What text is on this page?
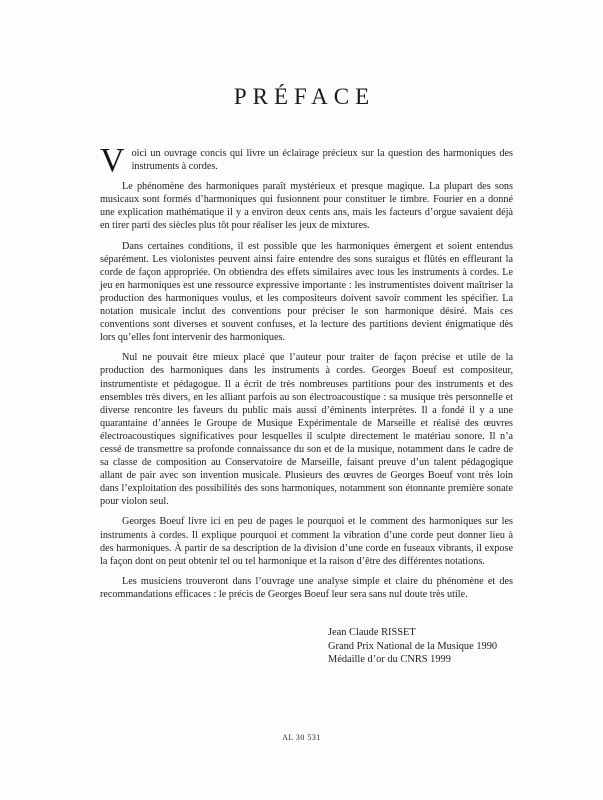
PRÉFACE

Voici un ouvrage concis qui livre un éclairage précieux sur la question des harmoniques des instruments à cordes.

Le phénomène des harmoniques paraît mystérieux et presque magique. La plupart des sons musicaux sont formés d’harmoniques qui fusionnent pour constituer le timbre. Fourier en a donné une explication mathématique il y a environ deux cents ans, mais les facteurs d’orgue savaient déjà en tirer parti des siècles plus tôt pour réaliser les jeux de mixtures.

Dans certaines conditions, il est possible que les harmoniques émergent et soient entendus séparément. Les violonistes peuvent ainsi faire entendre des sons suraigus et flûtés en effleurant la corde de façon appropriée. On obtiendra des effets similaires avec tous les instruments à cordes. Le jeu en harmoniques est une ressource expressive importante : les instrumentistes doivent maîtriser la production des harmoniques voulus, et les compositeurs doivent savoir comment les spécifier. La notation musicale inclut des conventions pour préciser le son harmonique désiré. Mais ces conventions sont diverses et souvent confuses, et la lecture des partitions devient énigmatique dès lors qu’elles font intervenir des harmoniques.

Nul ne pouvait être mieux placé que l’auteur pour traiter de façon précise et utile de la production des harmoniques dans les instruments à cordes. Georges Boeuf est compositeur, instrumentiste et pédagogue. Il a écrit de très nombreuses partitions pour des instruments et des ensembles très divers, en les alliant parfois au son électroacoustique : sa musique très personnelle et diverse rencontre les faveurs du public mais aussi d’éminents interprètes. Il a fondé il y a une quarantaine d’années le Groupe de Musique Expérimentale de Marseille et réalisé des œuvres électroacoustiques significatives pour lesquelles il sculpte directement le matériau sonore. Il n’a cessé de transmettre sa profonde connaissance du son et de la musique, notamment dans le cadre de sa classe de composition au Conservatoire de Marseille, faisant preuve d’un talent pédagogique allant de pair avec son invention musicale. Plusieurs des œuvres de Georges Boeuf vont très loin dans l’exploitation des possibilités des sons harmoniques, notamment son étonnante première sonate pour violon seul.

Georges Boeuf livre ici en peu de pages le pourquoi et le comment des harmoniques sur les instruments à cordes. Il explique pourquoi et comment la vibration d’une corde peut donner lieu à des harmoniques. À partir de sa description de la division d’une corde en fuseaux vibrants, il expose la façon dont on peut obtenir tel ou tel harmonique et la raison d’être des différentes notations.

Les musiciens trouveront dans l’ouvrage une analyse simple et claire du phénomène et des recommandations efficaces : le précis de Georges Boeuf leur sera sans nul doute très utile.

Jean Claude RISSET
Grand Prix National de la Musique 1990
Médaille d’or du CNRS 1999
AL 30 531
